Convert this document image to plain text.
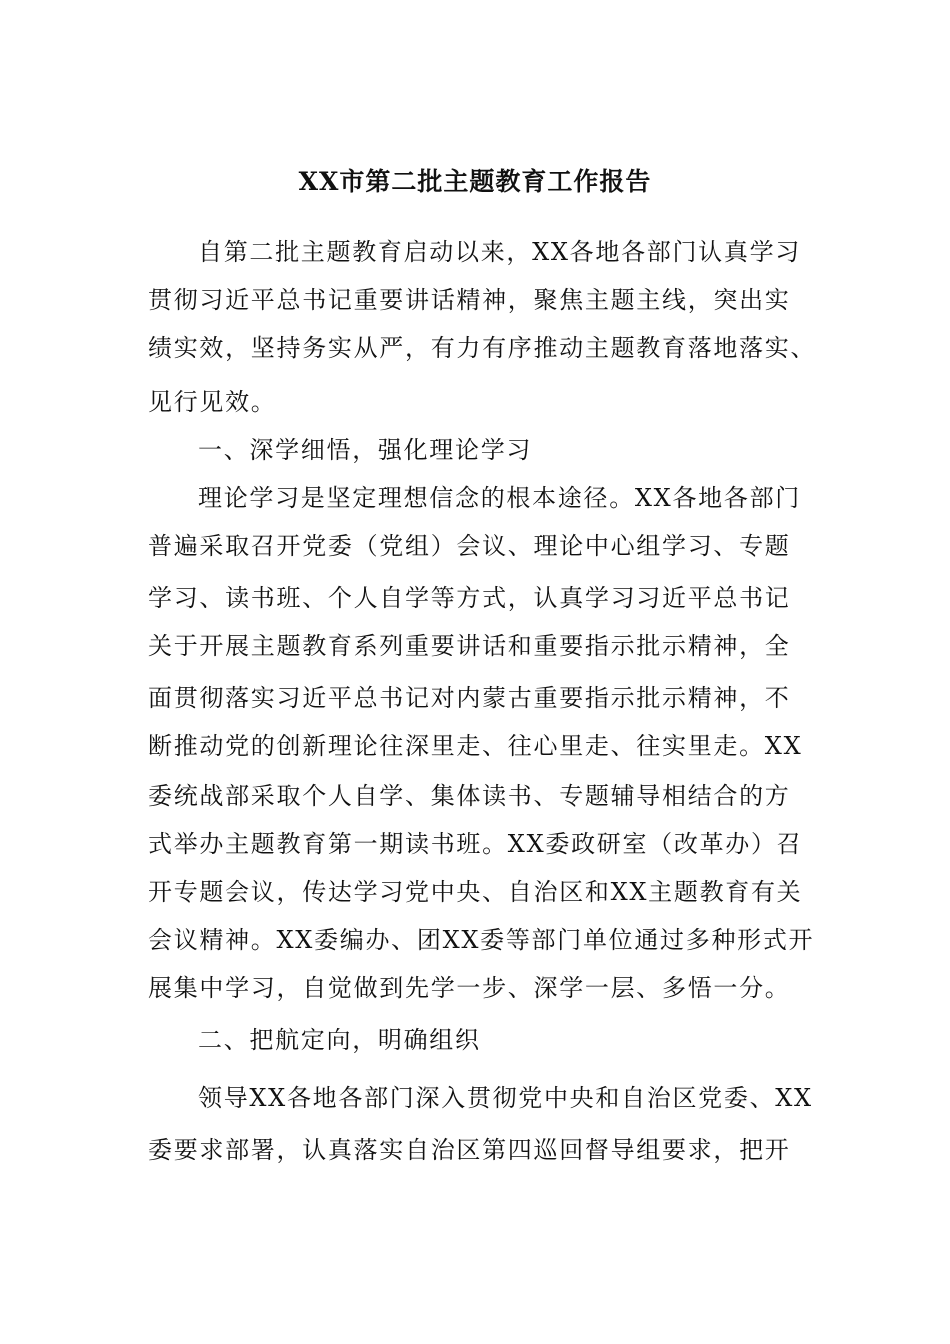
XX市第二批主题教育工作报告
自第二批主题教育启动以来，XX各地各部门认真学习
贯彻习近平总书记重要讲话精神，聚焦主题主线，突出实
绩实效，坚持务实从严，有力有序推动主题教育落地落实、
见行见效。
一、深学细悟，强化理论学习
理论学习是坚定理想信念的根本途径。XX各地各部门
普遍采取召开党委（党组）会议、理论中心组学习、专题
学习、读书班、个人自学等方式，认真学习习近平总书记
关于开展主题教育系列重要讲话和重要指示批示精神，全
面贯彻落实习近平总书记对内蒙古重要指示批示精神，不
断推动党的创新理论往深里走、往心里走、往实里走。XX
委统战部采取个人自学、集体读书、专题辅导相结合的方
式举办主题教育第一期读书班。XX委政研室（改革办）召
开专题会议，传达学习党中央、自治区和XX主题教育有关
会议精神。XX委编办、团XX委等部门单位通过多种形式开
展集中学习，自觉做到先学一步、深学一层、多悟一分。
二、把航定向，明确组织
领导XX各地各部门深入贯彻党中央和自治区党委、XX
委要求部署，认真落实自治区第四巡回督导组要求，把开
